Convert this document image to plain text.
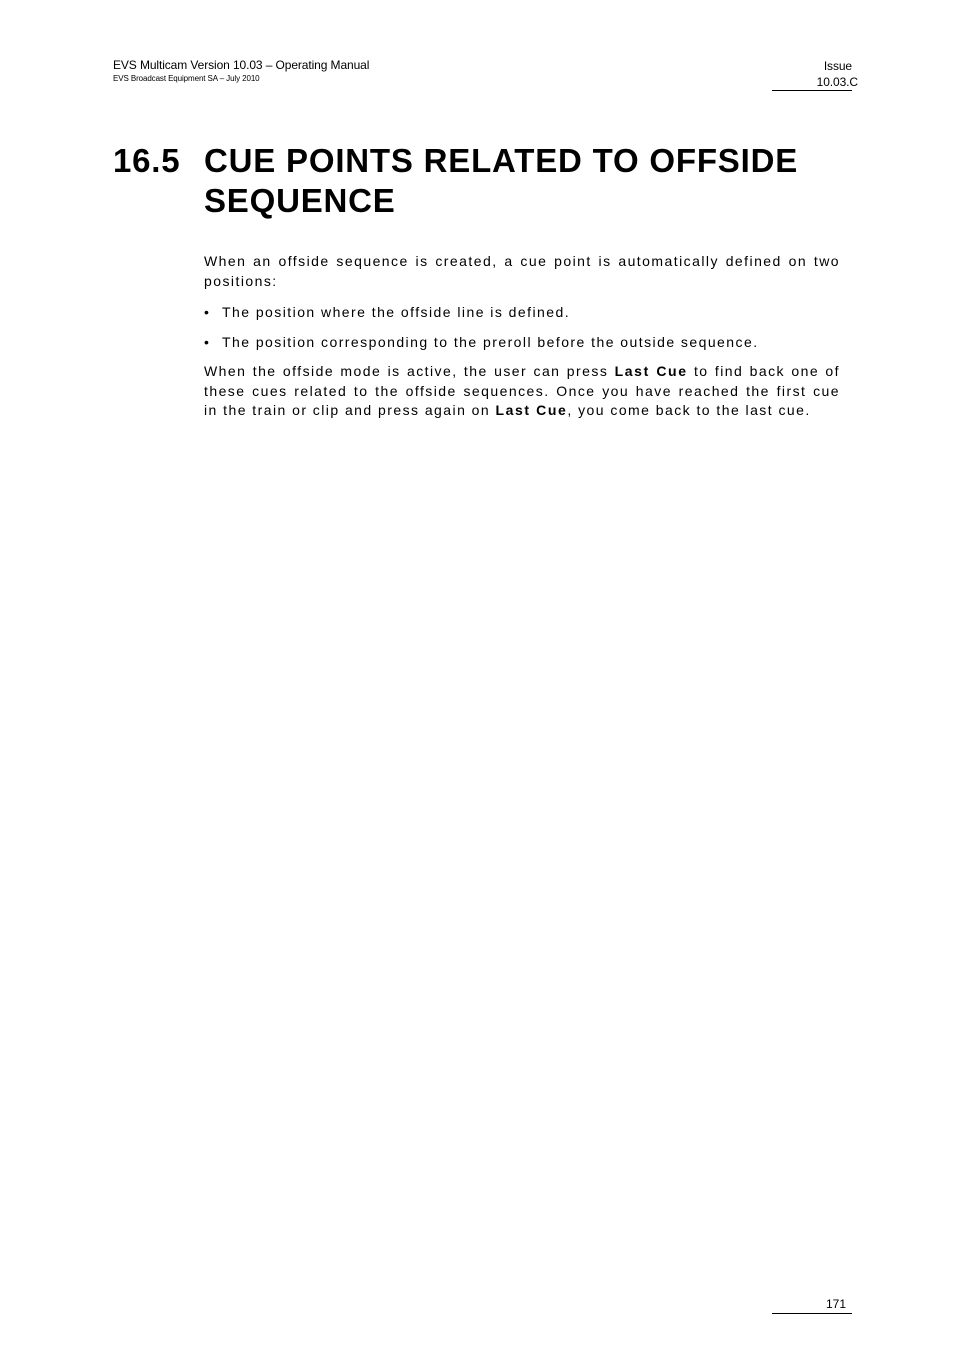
EVS Multicam Version 10.03 – Operating Manual
EVS Broadcast Equipment SA – July 2010
Issue
10.03.C
16.5 CUE POINTS RELATED TO OFFSIDE SEQUENCE

When an offside sequence is created, a cue point is automatically defined on two positions:

• The position where the offside line is defined.
• The position corresponding to the preroll before the outside sequence.

When the offside mode is active, the user can press Last Cue to find back one of these cues related to the offside sequences. Once you have reached the first cue in the train or clip and press again on Last Cue, you come back to the last cue.

171
